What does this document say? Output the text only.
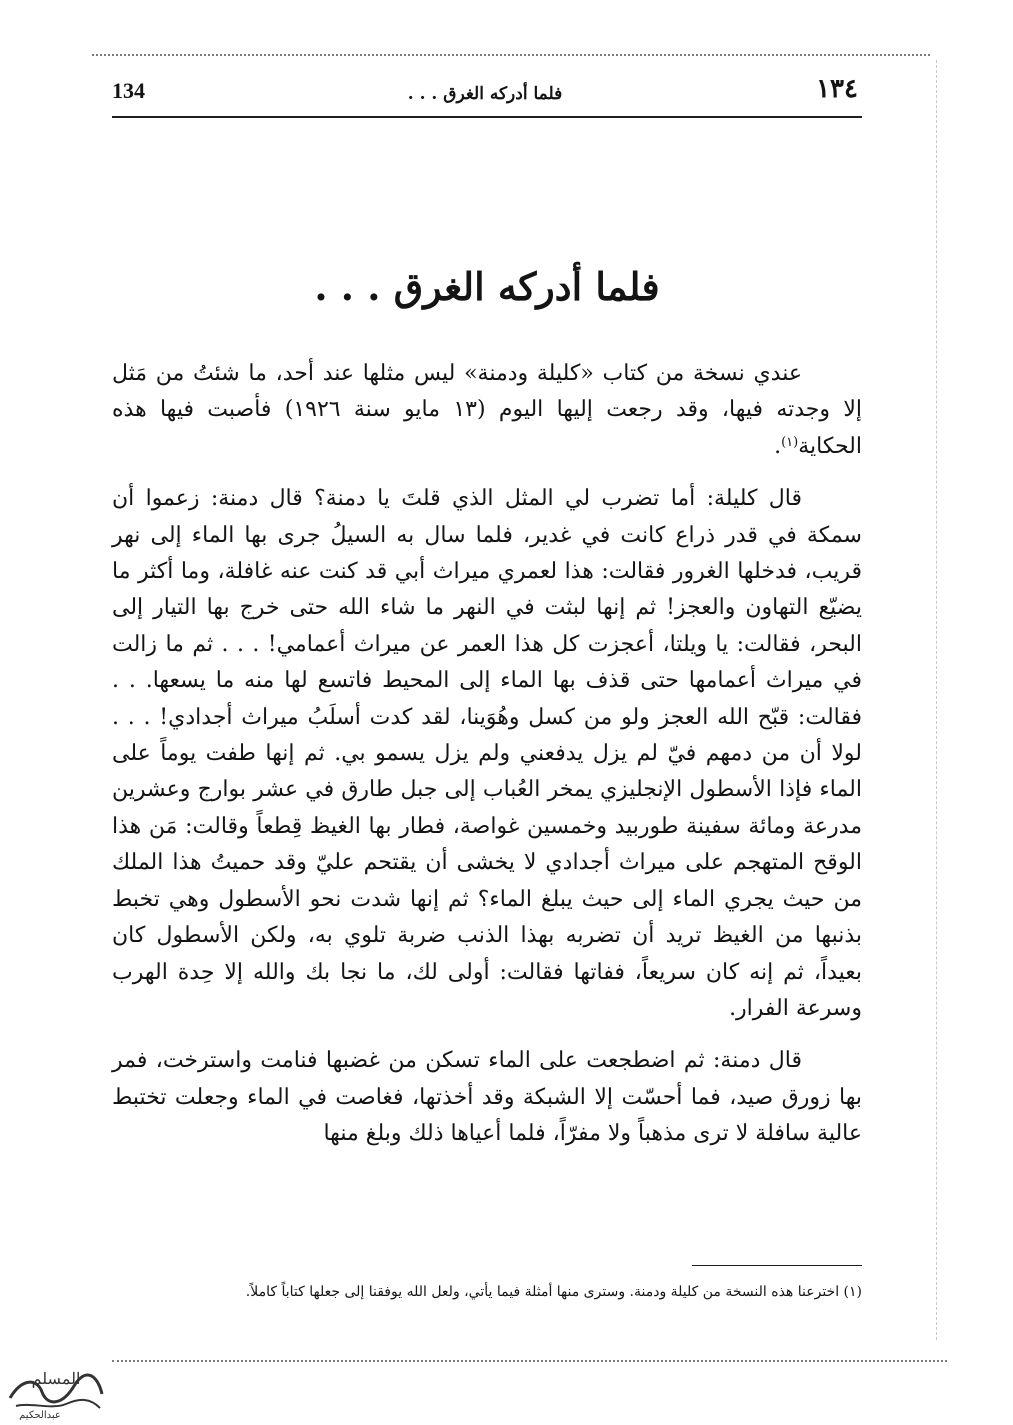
134	فلما أدركه الغرق . . .	١٣٤
فلما أدركه الغرق . . .

عندي نسخة من كتاب «كليلة ودمنة» ليس مثلها عند أحد، ما شئتُ من مَثل إلا وجدته فيها، وقد رجعت إليها اليوم (١٣ مايو سنة ١٩٢٦) فأصبت فيها هذه الحكاية$^{(١)}$.

قال كليلة: أما تضرب لي المثل الذي قلتَ يا دمنة؟ قال دمنة: زعموا أن سمكة في قدر ذراع كانت في غدير، فلما سال به السيلُ جرى بها الماء إلى نهر قريب، فدخلها الغرور فقالت: هذا لعمري ميراث أبي قد كنت عنه غافلة، وما أكثر ما يضيّع التهاون والعجز! ثم إنها لبثت في النهر ما شاء الله حتى خرج بها التيار إلى البحر، فقالت: يا ويلتا، أعجزت كل هذا العمر عن ميراث أعمامي! . . . ثم ما زالت في ميراث أعمامها حتى قذف بها الماء إلى المحيط فاتسع لها منه ما يسعها. . . فقالت: قبّح الله العجز ولو من كسل وهُوَينا، لقد كدت أسلَبُ ميراث أجدادي! . . . لولا أن من دمهم فيّ لم يزل يدفعني ولم يزل يسمو بي. ثم إنها طفت يوماً على الماء فإذا الأسطول الإنجليزي يمخر العُباب إلى جبل طارق في عشر بوارج وعشرين مدرعة ومائة سفينة طوربيد وخمسين غواصة، فطار بها الغيظ قِطعاً وقالت: مَن هذا الوقح المتهجم على ميراث أجدادي لا يخشى أن يقتحم عليّ وقد حميتُ هذا الملك من حيث يجري الماء إلى حيث يبلغ الماء؟ ثم إنها شدت نحو الأسطول وهي تخبط بذنبها من الغيظ تريد أن تضربه بهذا الذنب ضربة تلوي به، ولكن الأسطول كان بعيداً، ثم إنه كان سريعاً، ففاتها فقالت: أولى لك، ما نجا بك والله إلا حِدة الهرب وسرعة الفرار.

قال دمنة: ثم اضطجعت على الماء تسكن من غضبها فنامت واسترخت، فمر بها زورق صيد، فما أحسّت إلا الشبكة وقد أخذتها، فغاصت في الماء وجعلت تختبط عالية سافلة لا ترى مذهباً ولا مفرّاً، فلما أعياها ذلك وبلغ منها

(١) اخترعنا هذه النسخة من كليلة ودمنة. وسترى منها أمثلة فيما يأتي، ولعل الله يوفقنا إلى جعلها كتاباً كاملاً.
المسلم
عبدالحكيم
